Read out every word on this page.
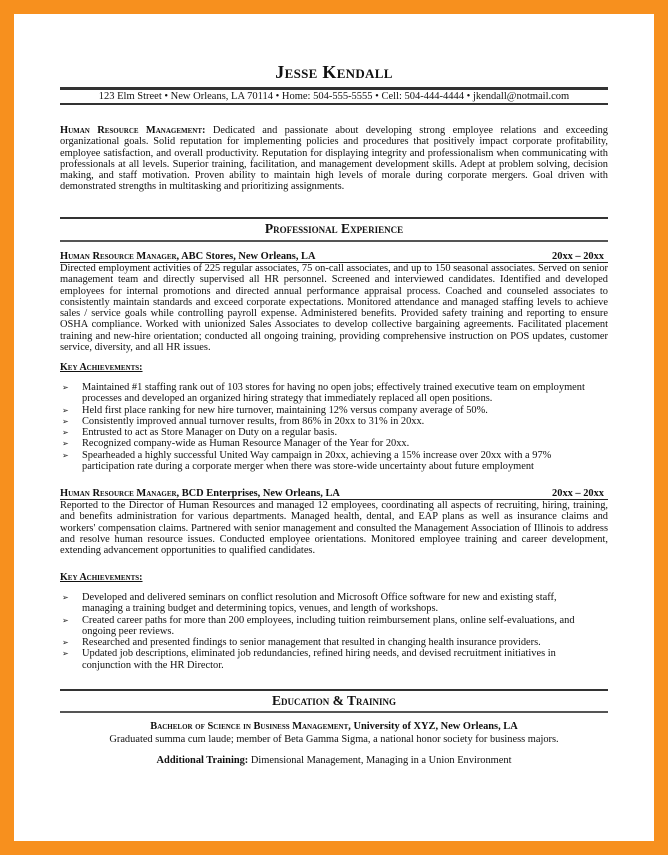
Jesse Kendall
123 Elm Street • New Orleans, LA 70114 • Home: 504-555-5555 • Cell: 504-444-4444 • jkendall@notmail.com
Human Resource Management: Dedicated and passionate about developing strong employee relations and exceeding organizational goals. Solid reputation for implementing policies and procedures that positively impact corporate profitability, employee satisfaction, and overall productivity. Reputation for displaying integrity and professionalism when communicating with professionals at all levels. Superior training, facilitation, and management development skills. Adept at problem solving, decision making, and staff motivation. Proven ability to maintain high levels of morale during corporate mergers. Goal driven with demonstrated strengths in multitasking and prioritizing assignments.
Professional Experience
Human Resource Manager, ABC Stores, New Orleans, LA	20xx – 20xx
Directed employment activities of 225 regular associates, 75 on-call associates, and up to 150 seasonal associates. Served on senior management team and directly supervised all HR personnel. Screened and interviewed candidates. Identified and developed employees for internal promotions and directed annual performance appraisal process. Coached and counseled associates to consistently maintain standards and exceed corporate expectations. Monitored attendance and managed staffing levels to achieve sales / service goals while controlling payroll expense. Administered benefits. Provided safety training and reporting to ensure OSHA compliance. Worked with unionized Sales Associates to develop collective bargaining agreements. Facilitated placement training and new-hire orientation; conducted all ongoing training, providing comprehensive instruction on POS updates, customer service, diversity, and all HR issues.
Key Achievements:
➢ Maintained #1 staffing rank out of 103 stores for having no open jobs; effectively trained executive team on employment processes and developed an organized hiring strategy that immediately replaced all open positions.
➢ Held first place ranking for new hire turnover, maintaining 12% versus company average of 50%.
➢ Consistently improved annual turnover results, from 86% in 20xx to 31% in 20xx.
➢ Entrusted to act as Store Manager on Duty on a regular basis.
➢ Recognized company-wide as Human Resource Manager of the Year for 20xx.
➢ Spearheaded a highly successful United Way campaign in 20xx, achieving a 15% increase over 20xx with a 97% participation rate during a corporate merger when there was store-wide uncertainty about future employment
Human Resource Manager, BCD Enterprises, New Orleans, LA	20xx – 20xx
Reported to the Director of Human Resources and managed 12 employees, coordinating all aspects of recruiting, hiring, training, and benefits administration for various departments. Managed health, dental, and EAP plans as well as insurance claims and workers' compensation claims. Partnered with senior management and consulted the Management Association of Illinois to address and resolve human resource issues. Conducted employee orientations. Monitored employee training and career development, extending advancement opportunities to qualified candidates.
Key Achievements:
➢ Developed and delivered seminars on conflict resolution and Microsoft Office software for new and existing staff, managing a training budget and determining topics, venues, and length of workshops.
➢ Created career paths for more than 200 employees, including tuition reimbursement plans, online self-evaluations, and ongoing peer reviews.
➢ Researched and presented findings to senior management that resulted in changing health insurance providers.
➢ Updated job descriptions, eliminated job redundancies, refined hiring needs, and devised recruitment initiatives in conjunction with the HR Director.
Education & Training
Bachelor of Science in Business Management, University of XYZ, New Orleans, LA
Graduated summa cum laude; member of Beta Gamma Sigma, a national honor society for business majors.
Additional Training: Dimensional Management, Managing in a Union Environment
